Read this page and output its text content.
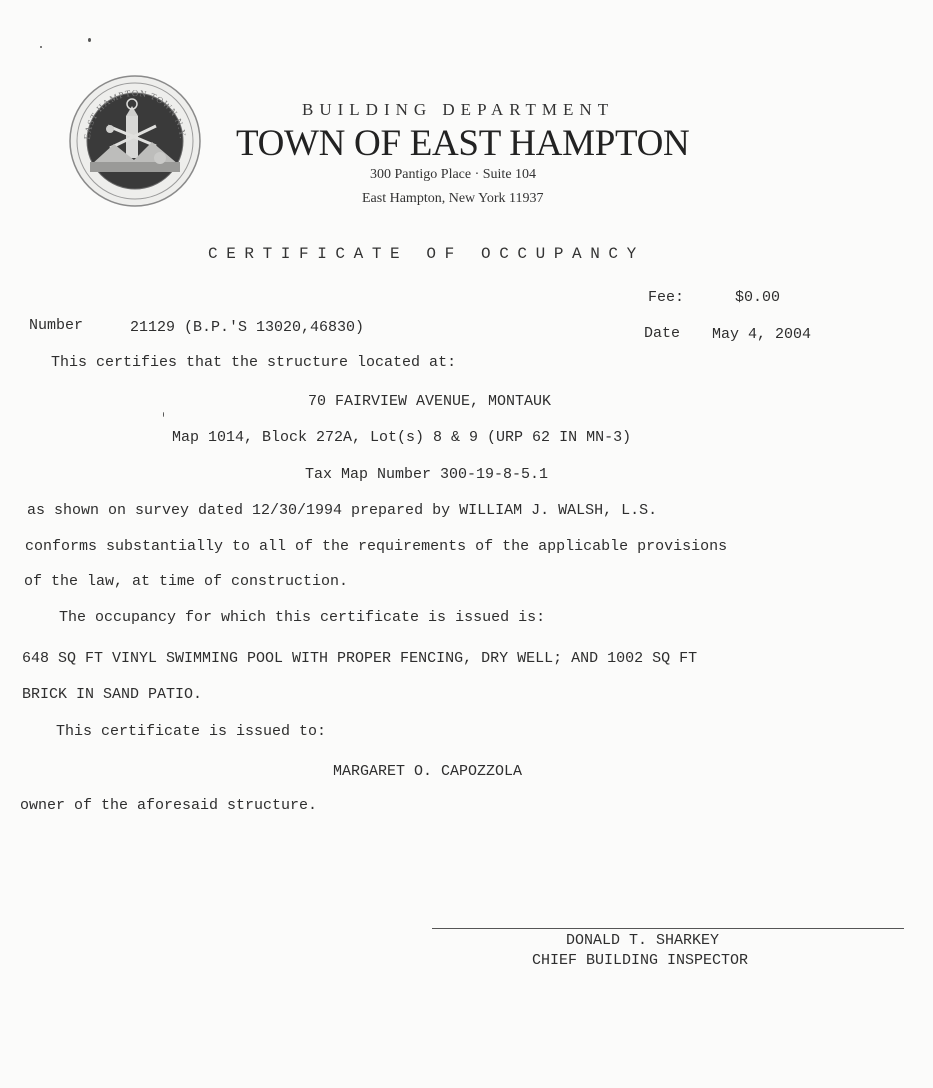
EAST HAMPTON TOWN N.Y.
BUILDING DEPARTMENT
TOWN OF EAST HAMPTON
300 Pantigo Place · Suite 104
East Hampton, New York 11937
CERTIFICATE OF OCCUPANCY
Fee:	$0.00
Number	21129 (B.P.'S 13020,46830)	Date May 4, 2004
This certifies that the structure located at:
70 FAIRVIEW AVENUE, MONTAUK
Map 1014, Block 272A, Lot(s) 8 & 9 (URP 62 IN MN-3)
Tax Map Number 300-19-8-5.1
as shown on survey dated 12/30/1994 prepared by WILLIAM J. WALSH, L.S.
conforms substantially to all of the requirements of the applicable provisions
of the law, at time of construction.
The occupancy for which this certificate is issued is:
648 SQ FT VINYL SWIMMING POOL WITH PROPER FENCING, DRY WELL; AND 1002 SQ FT
BRICK IN SAND PATIO.
This certificate is issued to:
MARGARET O. CAPOZZOLA
owner of the aforesaid structure.
DONALD T. SHARKEY
CHIEF BUILDING INSPECTOR
